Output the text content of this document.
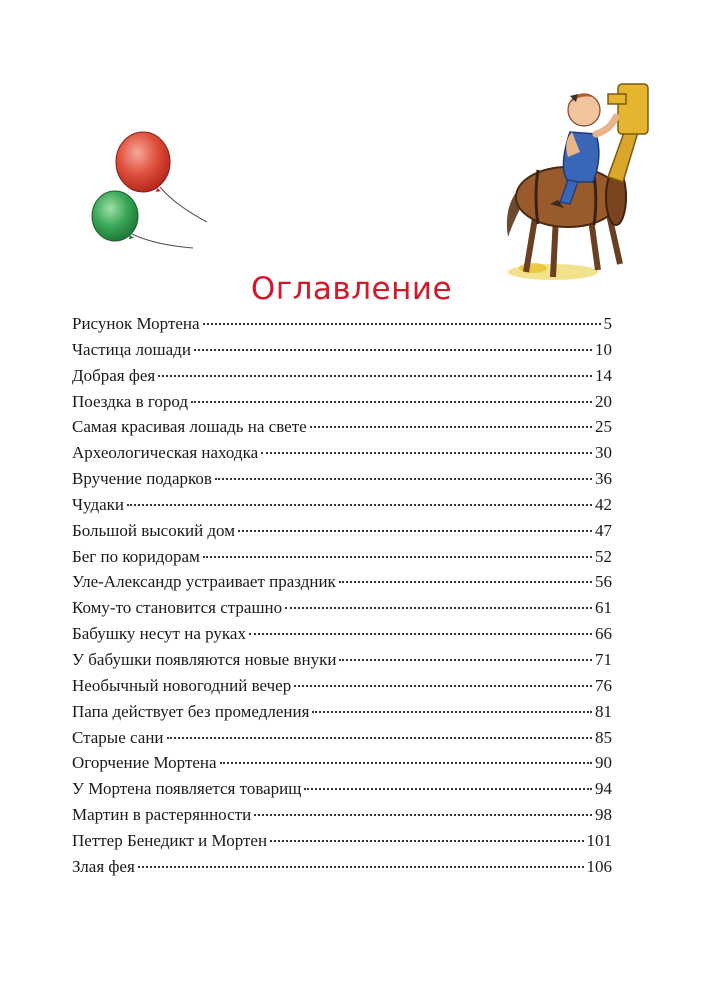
Оглавление
Рисунок Мортена	5
Частица лошади	10
Добрая фея	14
Поездка в город	20
Самая красивая лошадь на свете	25
Археологическая находка	30
Вручение подарков	36
Чудаки	42
Большой высокий дом	47
Бег по коридорам	52
Уле-Александр устраивает праздник	56
Кому-то становится страшно	61
Бабушку несут на руках	66
У бабушки появляются новые внуки	71
Необычный новогодний вечер	76
Папа действует без промедления	81
Старые сани	85
Огорчение Мортена	90
У Мортена появляется товарищ	94
Мартин в растерянности	98
Петтер Бенедикт и Мортен	101
Злая фея	106
